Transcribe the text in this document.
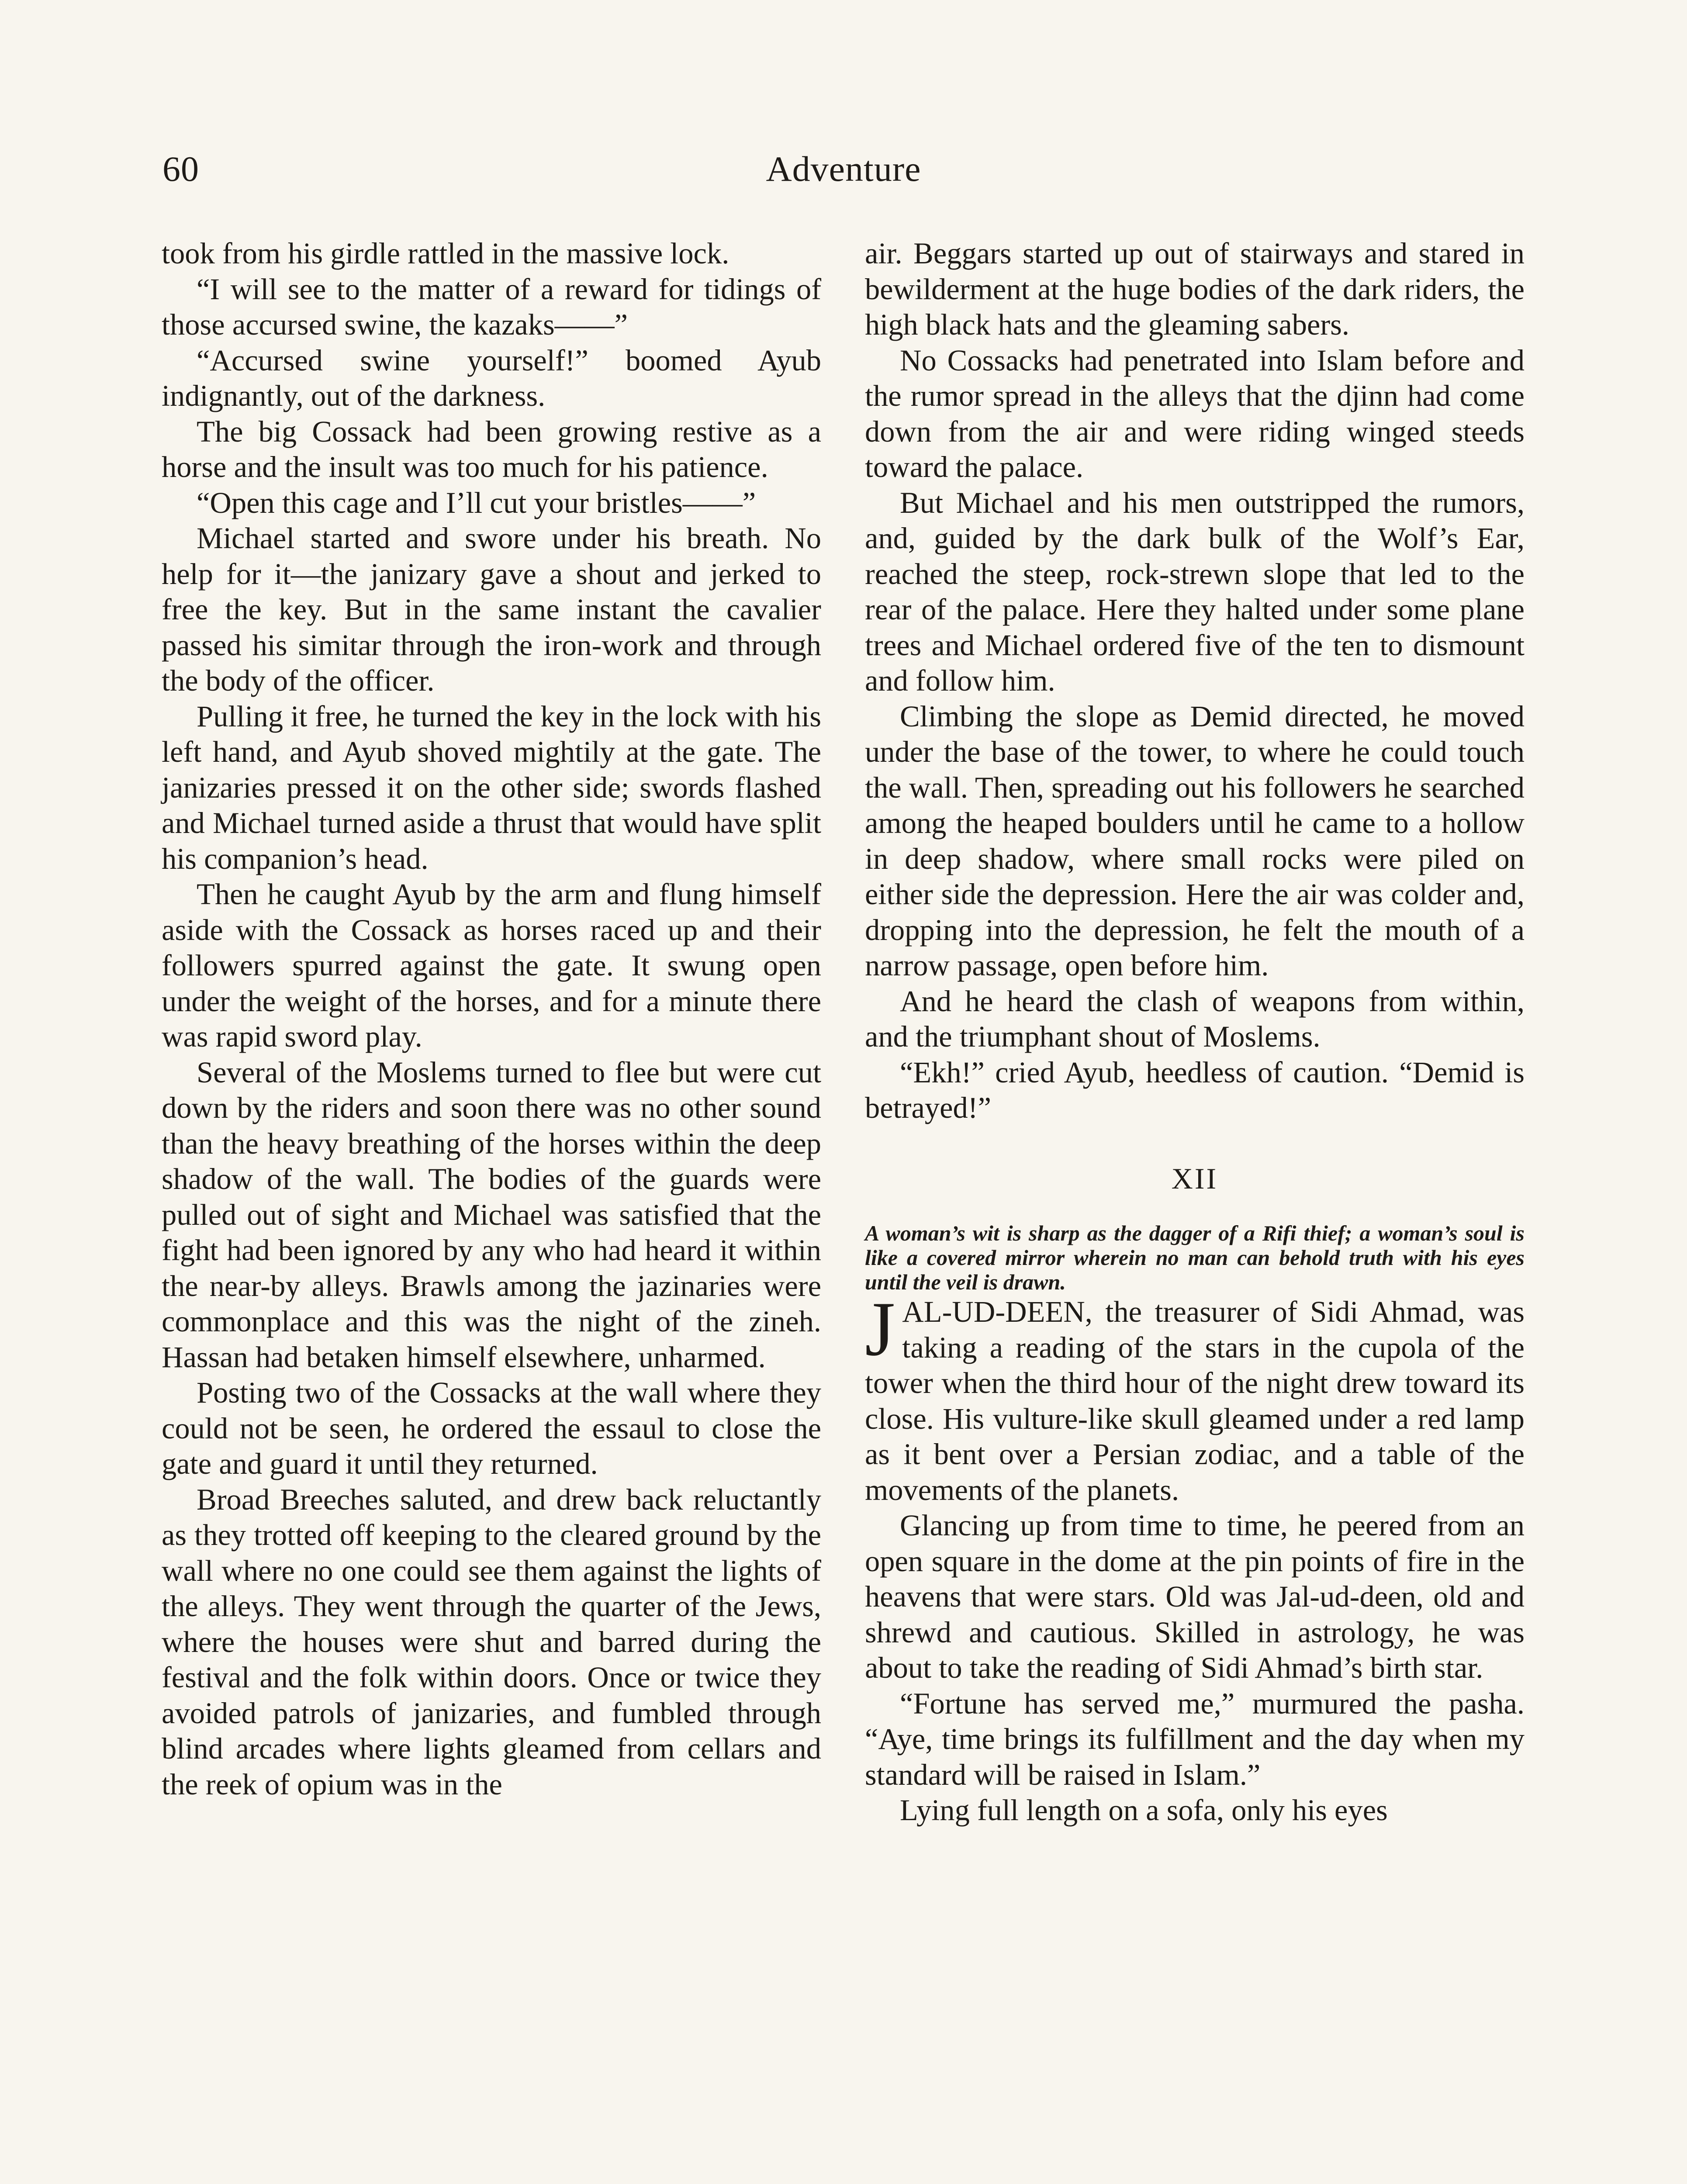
60	Adventure

took from his girdle rattled in the massive lock.

“I will see to the matter of a reward for tidings of those accursed swine, the kazaks——”

“Accursed swine yourself!” boomed Ayub indignantly, out of the darkness.

The big Cossack had been growing restive as a horse and the insult was too much for his patience.

“Open this cage and I’ll cut your bristles——”

Michael started and swore under his breath. No help for it—the janizary gave a shout and jerked to free the key. But in the same instant the cavalier passed his simitar through the iron-work and through the body of the officer.

Pulling it free, he turned the key in the lock with his left hand, and Ayub shoved mightily at the gate. The janizaries pressed it on the other side; swords flashed and Michael turned aside a thrust that would have split his companion’s head.

Then he caught Ayub by the arm and flung himself aside with the Cossack as horses raced up and their followers spurred against the gate. It swung open under the weight of the horses, and for a minute there was rapid sword play.

Several of the Moslems turned to flee but were cut down by the riders and soon there was no other sound than the heavy breathing of the horses within the deep shadow of the wall. The bodies of the guards were pulled out of sight and Michael was satisfied that the fight had been ignored by any who had heard it within the near-by alleys. Brawls among the jazinaries were commonplace and this was the night of the zineh. Hassan had betaken himself elsewhere, unharmed.

Posting two of the Cossacks at the wall where they could not be seen, he ordered the essaul to close the gate and guard it until they returned.

Broad Breeches saluted, and drew back reluctantly as they trotted off keeping to the cleared ground by the wall where no one could see them against the lights of the alleys. They went through the quarter of the Jews, where the houses were shut and barred during the festival and the folk within doors. Once or twice they avoided patrols of janizaries, and fumbled through blind arcades where lights gleamed from cellars and the reek of opium was in the

air. Beggars started up out of stairways and stared in bewilderment at the huge bodies of the dark riders, the high black hats and the gleaming sabers.

No Cossacks had penetrated into Islam before and the rumor spread in the alleys that the djinn had come down from the air and were riding winged steeds toward the palace.

But Michael and his men outstripped the rumors, and, guided by the dark bulk of the Wolf’s Ear, reached the steep, rock-strewn slope that led to the rear of the palace. Here they halted under some plane trees and Michael ordered five of the ten to dismount and follow him.

Climbing the slope as Demid directed, he moved under the base of the tower, to where he could touch the wall. Then, spreading out his followers he searched among the heaped boulders until he came to a hollow in deep shadow, where small rocks were piled on either side the depression. Here the air was colder and, dropping into the depression, he felt the mouth of a narrow passage, open before him.

And he heard the clash of weapons from within, and the triumphant shout of Moslems.

“Ekh!” cried Ayub, heedless of caution. “Demid is betrayed!”

XII

A woman’s wit is sharp as the dagger of a Rifi thief; a woman’s soul is like a covered mirror wherein no man can behold truth with his eyes until the veil is drawn.

JAL-UD-DEEN, the treasurer of Sidi Ahmad, was taking a reading of the stars in the cupola of the tower when the third hour of the night drew toward its close. His vulture-like skull gleamed under a red lamp as it bent over a Persian zodiac, and a table of the movements of the planets.

Glancing up from time to time, he peered from an open square in the dome at the pin points of fire in the heavens that were stars. Old was Jal-ud-deen, old and shrewd and cautious. Skilled in astrology, he was about to take the reading of Sidi Ahmad’s birth star.

“Fortune has served me,” murmured the pasha. “Aye, time brings its fulfillment and the day when my standard will be raised in Islam.”

Lying full length on a sofa, only his eyes
